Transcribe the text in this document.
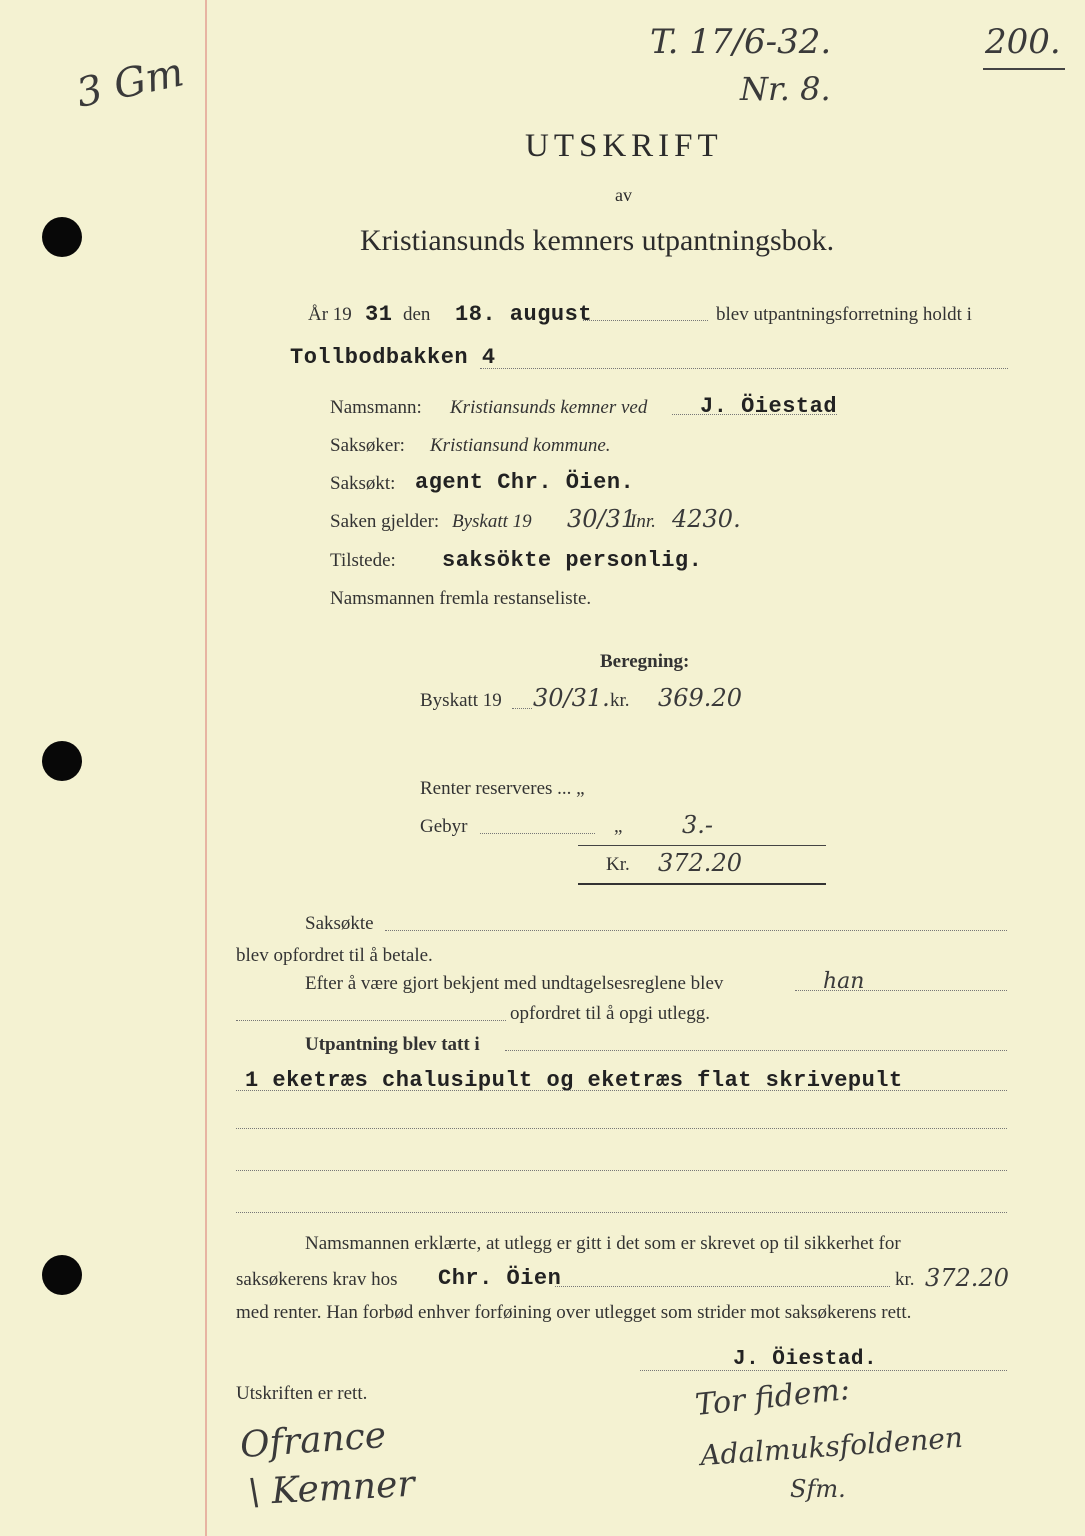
3 Gm
T. 17/6-32.
Nr. 8.
200.
UTSKRIFT
av
Kristiansunds kemners utpantningsbok.
År 19 31 den 18. august	blev utpantningsforretning holdt i
Tollbodbakken 4
Namsmann: Kristiansunds kemner ved J. Öiestad
Saksøker: Kristiansund kommune.
Saksøkt: agent Chr. Öien.
Saken gjelder: Byskatt 19 30/31
Inr. 4230.
Tilstede: saksökte personlig.
Namsmannen fremla restanseliste.
Beregning:
Byskatt 19 30/31. kr. 369.20
Renter reserveres ... „
Gebyr	„ 3.-
Kr. 372.20
Saksøkte
blev opfordret til å betale.
Efter å være gjort bekjent med undtagelsesreglene blev	han
opfordret til å opgi utlegg.
Utpantning blev tatt i
1 eketræs chalusipult og eketræs flat skrivepult
Namsmannen erklærte, at utlegg er gitt i det som er skrevet op til sikkerhet for
saksøkerens krav hos Chr. Öien	kr. 372.20
med renter. Han forbød enhver forføining over utlegget som strider mot saksøkerens rett.
J. Öiestad.
Utskriften er rett.
Ofrance
\ Kemner
Tor fidem:
Adalmuksfoldenen
Sfm.
